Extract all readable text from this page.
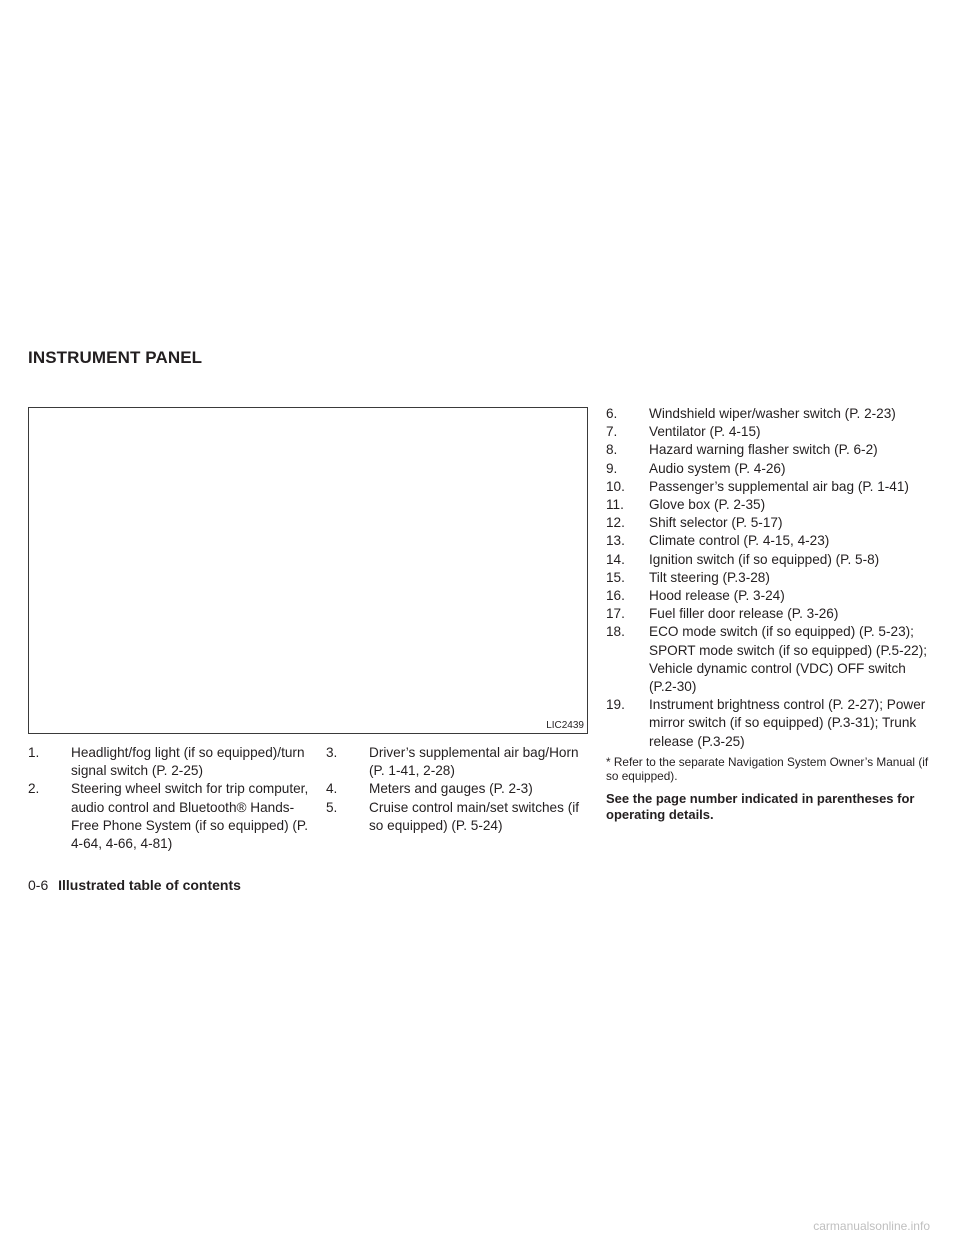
INSTRUMENT PANEL
LIC2439
1. Headlight/fog light (if so equipped)/turn signal switch (P. 2-25)
2. Steering wheel switch for trip computer, audio control and Bluetooth® Hands-Free Phone System (if so equipped) (P. 4-64, 4-66, 4-81)
3. Driver’s supplemental air bag/Horn (P. 1-41, 2-28)
4. Meters and gauges (P. 2-3)
5. Cruise control main/set switches (if so equipped) (P. 5-24)
6. Windshield wiper/washer switch (P. 2-23)
7. Ventilator (P. 4-15)
8. Hazard warning flasher switch (P. 6-2)
9. Audio system (P. 4-26)
10. Passenger’s supplemental air bag (P. 1-41)
11. Glove box (P. 2-35)
12. Shift selector (P. 5-17)
13. Climate control (P. 4-15, 4-23)
14. Ignition switch (if so equipped) (P. 5-8)
15. Tilt steering (P.3-28)
16. Hood release (P. 3-24)
17. Fuel filler door release (P. 3-26)
18. ECO mode switch (if so equipped) (P. 5-23); SPORT mode switch (if so equipped) (P.5-22); Vehicle dynamic control (VDC) OFF switch (P.2-30)
19. Instrument brightness control (P. 2-27); Power mirror switch (if so equipped) (P.3-31); Trunk release (P.3-25)
* Refer to the separate Navigation System Owner’s Manual (if so equipped).
See the page number indicated in parentheses for operating details.
0-6 Illustrated table of contents
carmanualsonline.info
